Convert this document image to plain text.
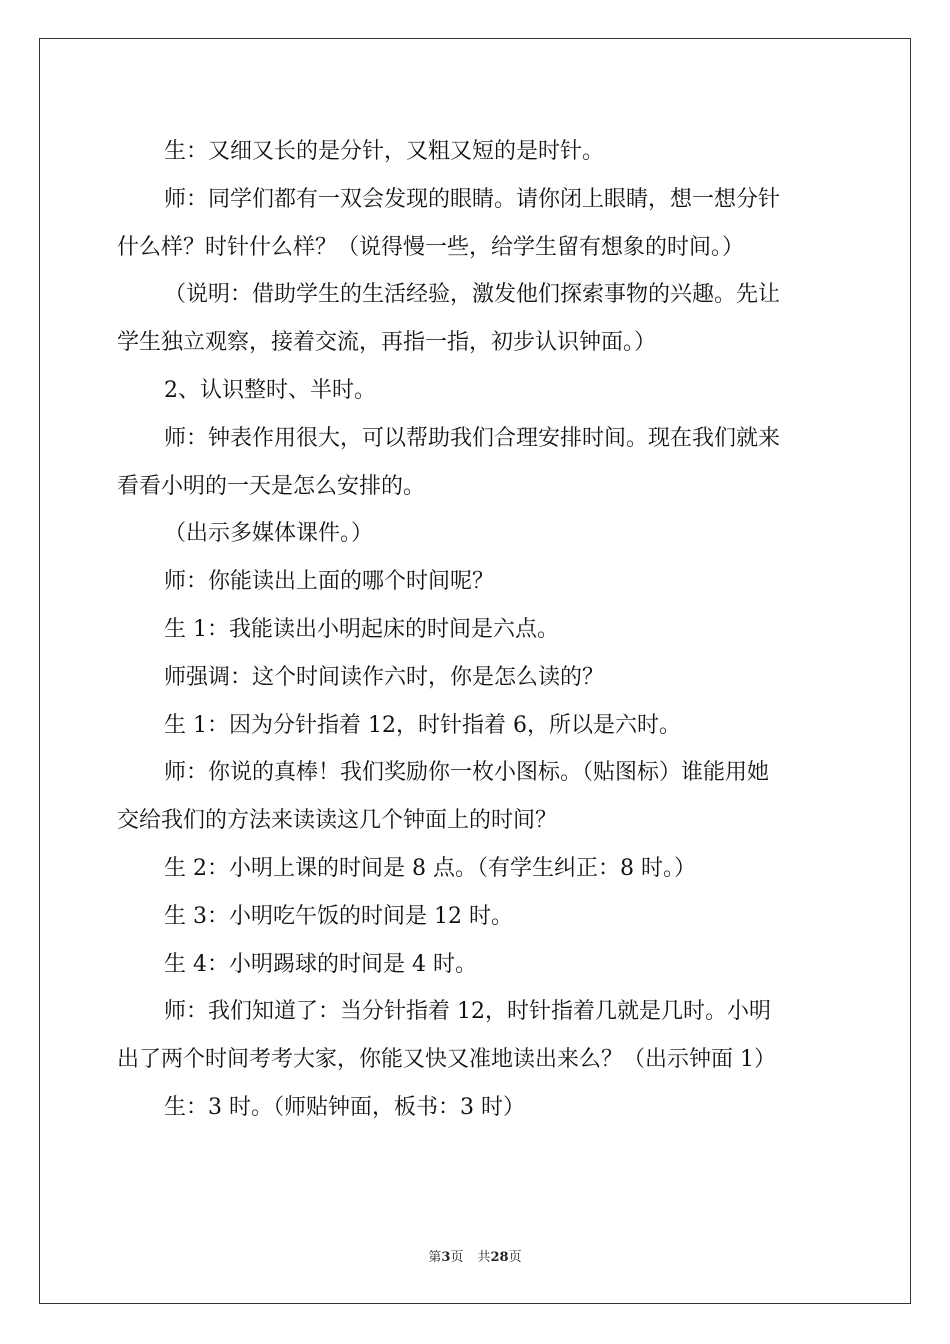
生：又细又长的是分针，又粗又短的是时针。
师：同学们都有一双会发现的眼睛。请你闭上眼睛，想一想分针
什么样？时针什么样？（说得慢一些，给学生留有想象的时间。）
（说明：借助学生的生活经验，激发他们探索事物的兴趣。先让
学生独立观察，接着交流，再指一指，初步认识钟面。）
2、认识整时、半时。
师：钟表作用很大，可以帮助我们合理安排时间。现在我们就来
看看小明的一天是怎么安排的。
（出示多媒体课件。）
师：你能读出上面的哪个时间呢？
生 1：我能读出小明起床的时间是六点。
师强调：这个时间读作六时，你是怎么读的？
生 1：因为分针指着 12，时针指着 6，所以是六时。
师：你说的真棒！我们奖励你一枚小图标。（贴图标）谁能用她
交给我们的方法来读读这几个钟面上的时间？
生 2：小明上课的时间是 8 点。（有学生纠正：8 时。）
生 3：小明吃午饭的时间是 12 时。
生 4：小明踢球的时间是 4 时。
师：我们知道了：当分针指着 12，时针指着几就是几时。小明
出了两个时间考考大家，你能又快又准地读出来么？（出示钟面 1）
生：3 时。（师贴钟面，板书：3 时）
第3页 共28页
